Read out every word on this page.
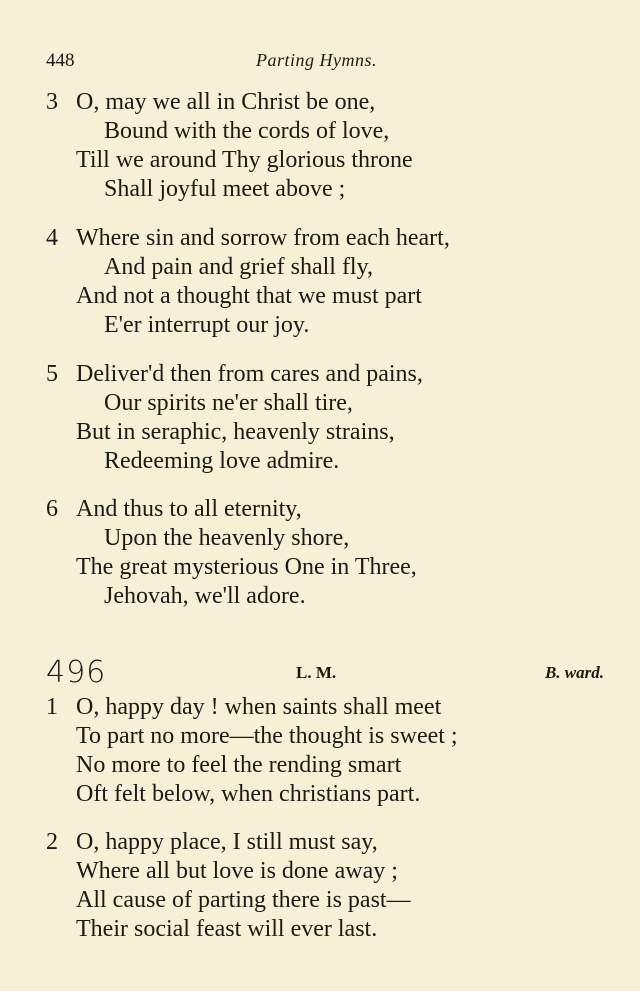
448	Parting Hymns.
3 O, may we all in Christ be one,
Bound with the cords of love,
Till we around Thy glorious throne
Shall joyful meet above ;
4 Where sin and sorrow from each heart,
And pain and grief shall fly,
And not a thought that we must part
E'er interrupt our joy.
5 Deliver'd then from cares and pains,
Our spirits ne'er shall tire,
But in seraphic, heavenly strains,
Redeeming love admire.
6 And thus to all eternity,
Upon the heavenly shore,
The great mysterious One in Three,
Jehovah, we'll adore.
496	L. M.	B. ward.
1 O, happy day ! when saints shall meet
To part no more—the thought is sweet ;
No more to feel the rending smart
Oft felt below, when christians part.
2 O, happy place, I still must say,
Where all but love is done away ;
All cause of parting there is past—
Their social feast will ever last.
